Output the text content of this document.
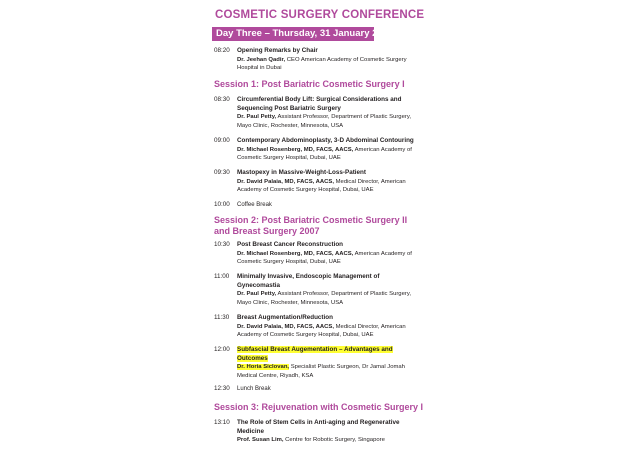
COSMETIC SURGERY CONFERENCE
Day Three – Thursday, 31 January 2008
08:20	Opening Remarks by Chair
Dr. Jeehan Qadir, CEO American Academy of Cosmetic Surgery Hospital in Dubai
Session 1: Post Bariatric Cosmetic Surgery I
08:30	Circumferential Body Lift: Surgical Considerations and Sequencing Post Bariatric Surgery
Dr. Paul Petty, Assistant Professor, Department of Plastic Surgery, Mayo Clinic, Rochester, Minnesota, USA
09:00	Contemporary Abdominoplasty, 3-D Abdominal Contouring
Dr. Michael Rosenberg, MD, FACS, AACS, American Academy of Cosmetic Surgery Hospital, Dubai, UAE
09:30	Mastopexy in Massive-Weight-Loss-Patient
Dr. David Palaia, MD, FACS, AACS, Medical Director, American Academy of Cosmetic Surgery Hospital, Dubai, UAE
10:00	Coffee Break
Session 2: Post Bariatric Cosmetic Surgery II and Breast Surgery 2007
10:30	Post Breast Cancer Reconstruction
Dr. Michael Rosenberg, MD, FACS, AACS, American Academy of Cosmetic Surgery Hospital, Dubai, UAE
11:00	Minimally Invasive, Endoscopic Management of Gynecomastia
Dr. Paul Petty, Assistant Professor, Department of Plastic Surgery, Mayo Clinic, Rochester, Minnesota, USA
11:30	Breast Augmentation/Reduction
Dr. David Palaia, MD, FACS, AACS, Medical Director, American Academy of Cosmetic Surgery Hospital, Dubai, UAE
12:00	Subfascial Breast Augementation – Advantages and Outcomes
Dr. Horia Siclovan, Specialist Plastic Surgeon, Dr Jamal Jomah Medical Centre, Riyadh, KSA
12:30	Lunch Break
Session 3: Rejuvenation with Cosmetic Surgery I
13:10	The Role of Stem Cells in Anti-aging and Regenerative Medicine
Prof. Susan Lim, Centre for Robotic Surgery, Singapore
